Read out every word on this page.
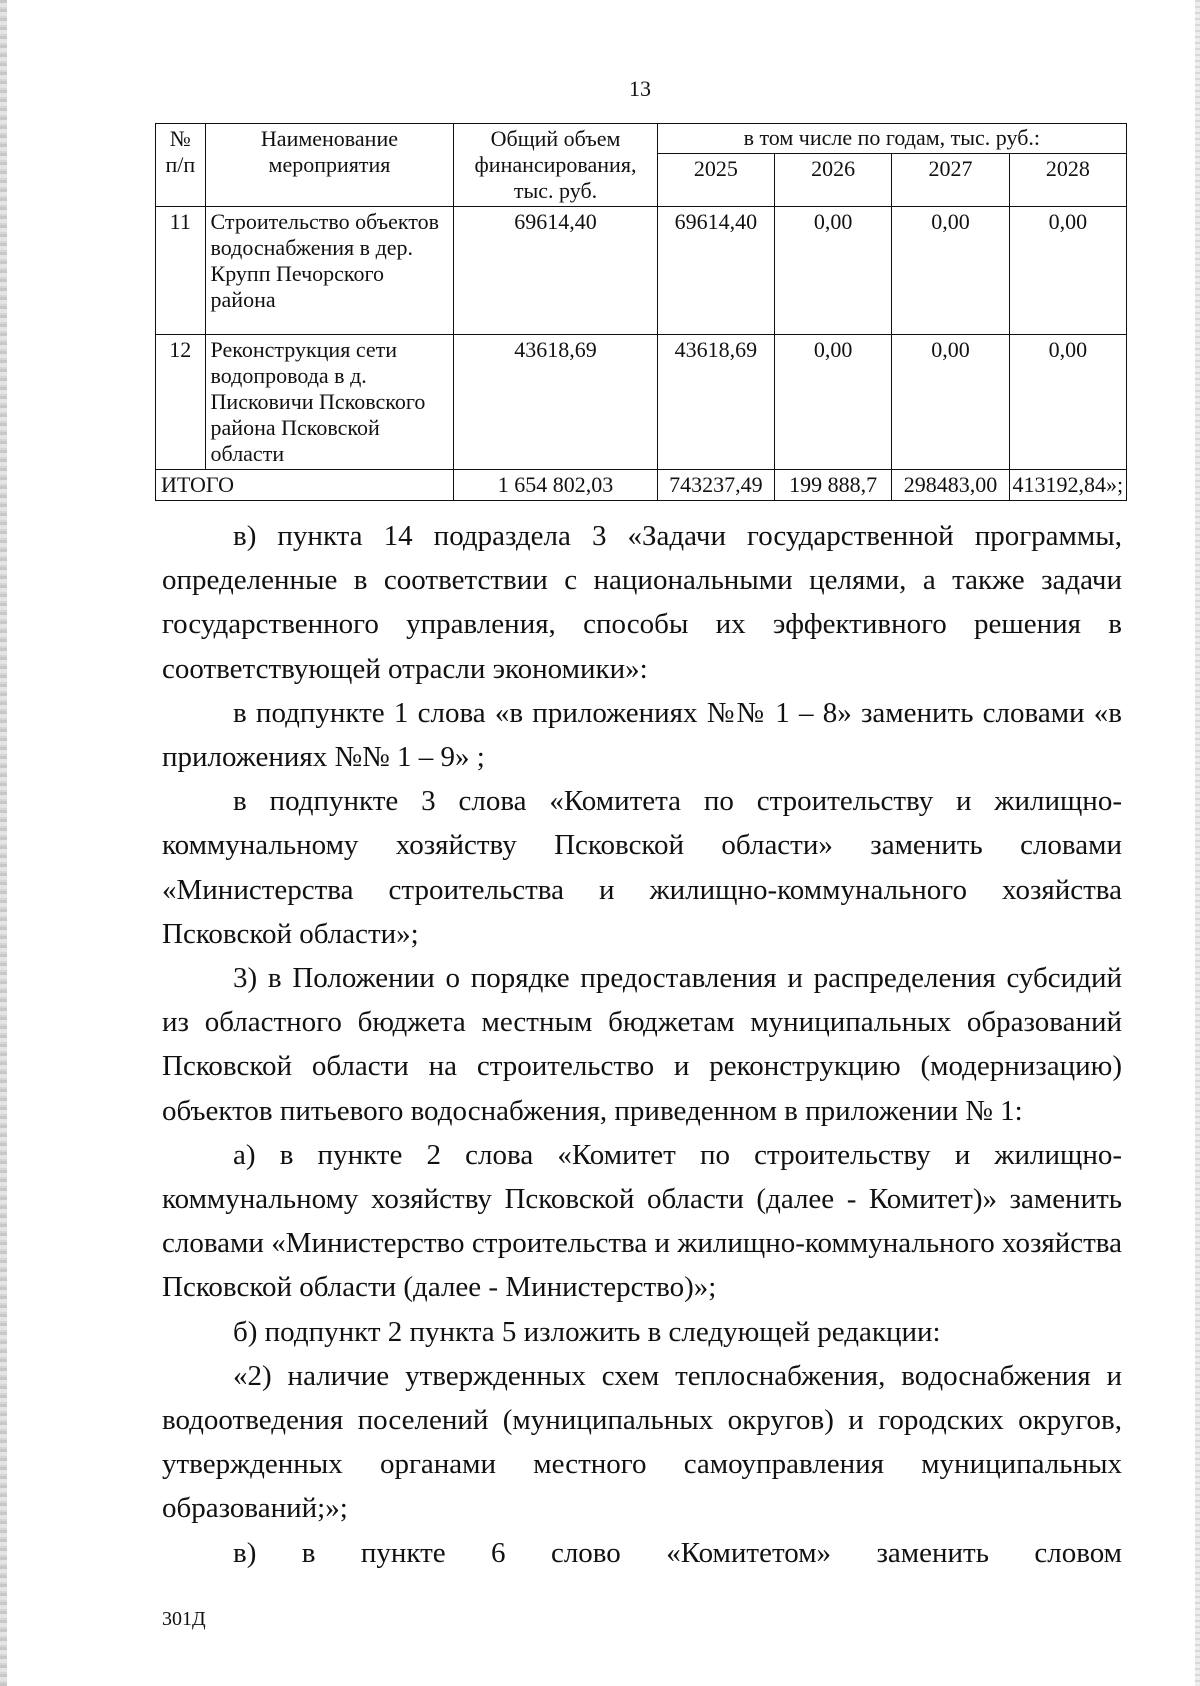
13
№ п/п	Наименование мероприятия	Общий объем финансирования, тыс. руб.	в том числе по годам, тыс. руб.:			
			2025	2026	2027	2028
11	Строительство объектов водоснабжения в дер. Крупп Печорского района	69614,40	69614,40	0,00	0,00	0,00
12	Реконструкция сети водопровода в д. Писковичи Псковского района Псковской области	43618,69	43618,69	0,00	0,00	0,00
ИТОГО		1 654 802,03	743237,49	199 888,7	298483,00	413192,84»;

в) пункта 14 подраздела 3 «Задачи государственной программы, определенные в соответствии с национальными целями, а также задачи государственного управления, способы их эффективного решения в соответствующей отрасли экономики»:

в подпункте 1 слова «в приложениях №№ 1 – 8» заменить словами «в приложениях №№ 1 – 9» ;

в подпункте 3 слова «Комитета по строительству и жилищно-коммунальному хозяйству Псковской области» заменить словами «Министерства строительства и жилищно-коммунального хозяйства Псковской области»;

3) в Положении о порядке предоставления и распределения субсидий из областного бюджета местным бюджетам муниципальных образований Псковской области на строительство и реконструкцию (модернизацию) объектов питьевого водоснабжения, приведенном в приложении № 1:

а) в пункте 2 слова «Комитет по строительству и жилищно-коммунальному хозяйству Псковской области (далее - Комитет)» заменить словами «Министерство строительства и жилищно-коммунального хозяйства Псковской области (далее - Министерство)»;

б) подпункт 2 пункта 5 изложить в следующей редакции:

«2) наличие утвержденных схем теплоснабжения, водоснабжения и водоотведения поселений (муниципальных округов) и городских округов, утвержденных органами местного самоуправления муниципальных образований;»;

в) в пункте 6 слово «Комитетом» заменить словом

301Д
